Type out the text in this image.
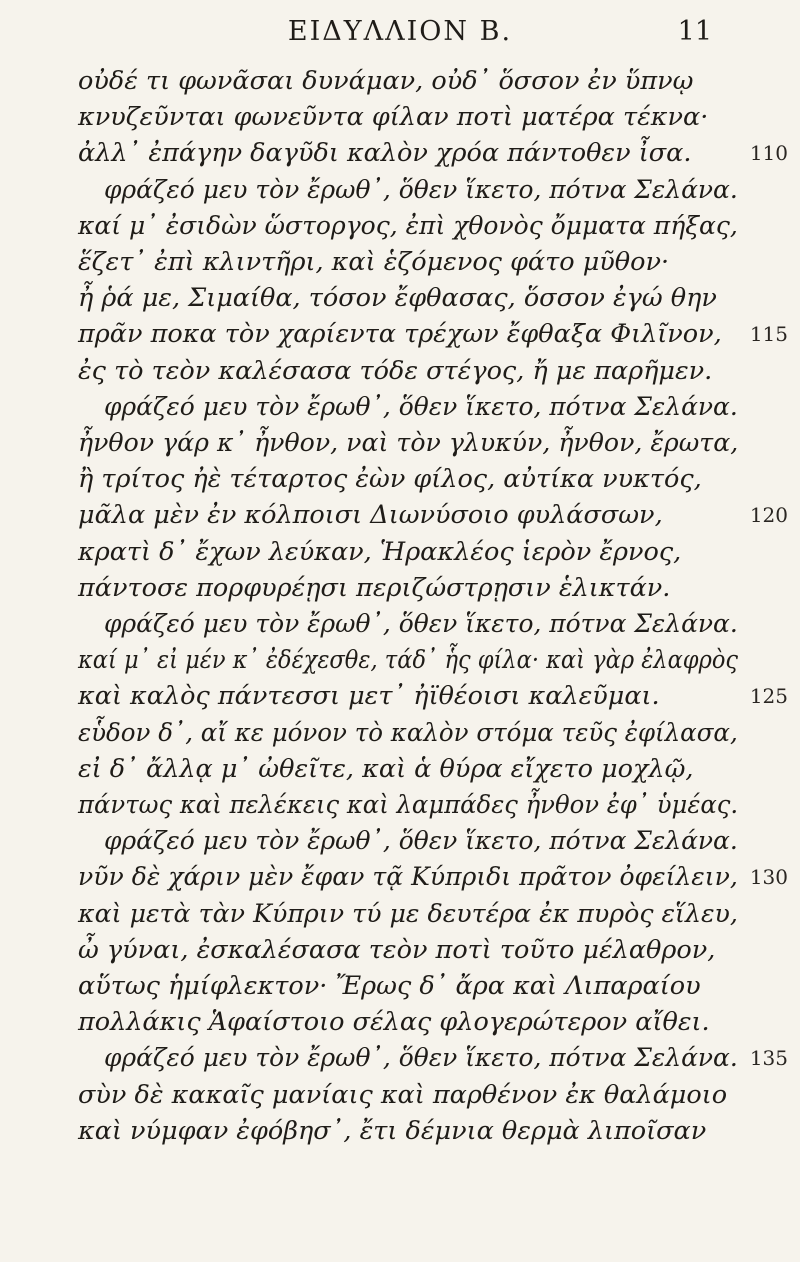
ΕΙΔΥΛΛΙΟΝ Β.	11
οὐδέ τι φωνᾶσαι δυνάμαν, οὐδ᾽ ὅσσον ἐν ὕπνῳ
κνυζεῦνται φωνεῦντα φίλαν ποτὶ ματέρα τέκνα·
ἀλλ᾽ ἐπάγην δαγῦδι καλὸν χρόα πάντοθεν ἶσα.	110
φράζεό μευ τὸν ἔρωθ᾽, ὅθεν ἵκετο, πότνα Σελάνα.
καί μ᾽ ἐσιδὼν ὥστοργος, ἐπὶ χθονὸς ὄμματα πήξας,
ἕζετ᾽ ἐπὶ κλιντῆρι, καὶ ἑζόμενος φάτο μῦθον·
ἦ ῥά με, Σιμαίθα, τόσον ἔφθασας, ὅσσον ἐγώ θην
πρᾶν ποκα τὸν χαρίεντα τρέχων ἔφθαξα Φιλῖνον, 115
ἐς τὸ τεὸν καλέσασα τόδε στέγος, ἤ με παρῆμεν.
φράζεό μευ τὸν ἔρωθ᾽, ὅθεν ἵκετο, πότνα Σελάνα.
ἦνθον γάρ κ᾽ ἦνθον, ναὶ τὸν γλυκύν, ἦνθον, ἔρωτα,
ἢ τρίτος ἠὲ τέταρτος ἐὼν φίλος, αὐτίκα νυκτός,
μᾶλα μὲν ἐν κόλποισι Διωνύσοιο φυλάσσων,	120
κρατὶ δ᾽ ἔχων λεύκαν, Ἡρακλέος ἱερὸν ἔρνος,
πάντοσε πορφυρέῃσι περιζώστρῃσιν ἑλικτάν.
φράζεό μευ τὸν ἔρωθ᾽, ὅθεν ἵκετο, πότνα Σελάνα.
καί μ᾽ εἰ μέν κ᾽ ἐδέχεσθε, τάδ᾽ ἧς φίλα· καὶ γὰρ ἐλαφρὸς
καὶ καλὸς πάντεσσι μετ᾽ ἠϊθέοισι καλεῦμαι.	125
εὗδον δ᾽, αἴ κε μόνον τὸ καλὸν στόμα τεῦς ἐφίλασα,
εἰ δ᾽ ἄλλᾳ μ᾽ ὠθεῖτε, καὶ ἁ θύρα εἴχετο μοχλῷ,
πάντως καὶ πελέκεις καὶ λαμπάδες ἦνθον ἐφ᾽ ὑμέας.
φράζεό μευ τὸν ἔρωθ᾽, ὅθεν ἵκετο, πότνα Σελάνα.
νῦν δὲ χάριν μὲν ἔφαν τᾷ Κύπριδι πρᾶτον ὀφείλειν, 130
καὶ μετὰ τὰν Κύπριν τύ με δευτέρα ἐκ πυρὸς εἵλευ,
ὦ γύναι, ἐσκαλέσασα τεὸν ποτὶ τοῦτο μέλαθρον,
αὕτως ἡμίφλεκτον· Ἔρως δ᾽ ἄρα καὶ Λιπαραίου
πολλάκις Ἁφαίστοιο σέλας φλογερώτερον αἴθει.
φράζεό μευ τὸν ἔρωθ᾽, ὅθεν ἵκετο, πότνα Σελάνα. 135
σὺν δὲ κακαῖς μανίαις καὶ παρθένον ἐκ θαλάμοιο
καὶ νύμφαν ἐφόβησ᾽, ἔτι δέμνια θερμὰ λιποῖσαν
